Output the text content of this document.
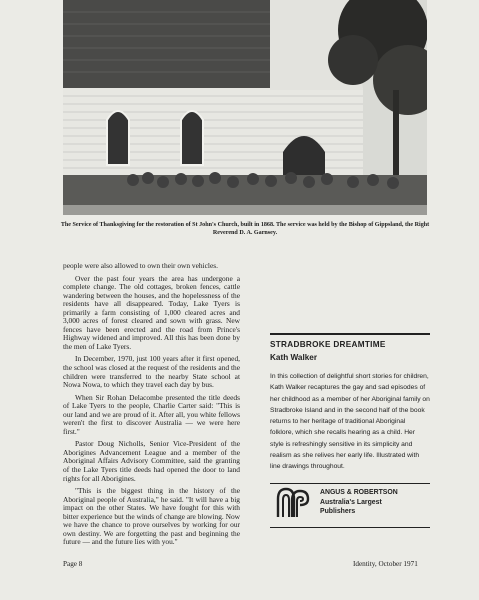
The Service of Thanksgiving for the restoration of St John's Church, built in 1868. The service was held by the Bishop of Gippsland, the Right Reverend D. A. Garnsey.

people were also allowed to own their own vehicles.

Over the past four years the area has undergone a complete change. The old cottages, broken fences, cattle wandering between the houses, and the hopelessness of the residents have all disappeared. Today, Lake Tyers is primarily a farm consisting of 1,000 cleared acres and 3,000 acres of forest cleared and sown with grass. New fences have been erected and the road from Prince's Highway widened and improved. All this has been done by the men of Lake Tyers.

In December, 1970, just 100 years after it first opened, the school was closed at the request of the residents and the children were transferred to the nearby State school at Nowa Nowa, to which they travel each day by bus.

When Sir Rohan Delacombe presented the title deeds of Lake Tyers to the people, Charlie Carter said: "This is our land and we are proud of it. After all, you white fellows weren't the first to discover Australia — we were here first."

Pastor Doug Nicholls, Senior Vice-President of the Aborigines Advancement League and a member of the Aboriginal Affairs Advisory Committee, said the granting of the Lake Tyers title deeds had opened the door to land rights for all Aborigines.

"This is the biggest thing in the history of the Aboriginal people of Australia," he said. "It will have a big impact on the other States. We have fought for this with bitter experience but the winds of change are blowing. Now we have the chance to prove ourselves by working for our own destiny. We are forgetting the past and beginning the future — and the future lies with you."

STRADBROKE DREAMTIME
Kath Walker
In this collection of delightful short stories for children, Kath Walker recaptures the gay and sad episodes of her childhood as a member of her Aboriginal family on Stradbroke Island and in the second half of the book returns to her heritage of traditional Aboriginal folklore, which she recalls hearing as a child. Her style is refreshingly sensitive in its simplicity and realism as she relives her early life. Illustrated with line drawings throughout.
ANGUS & ROBERTSON
Australia's Largest
Publishers
Page 8	Identity, October 1971
